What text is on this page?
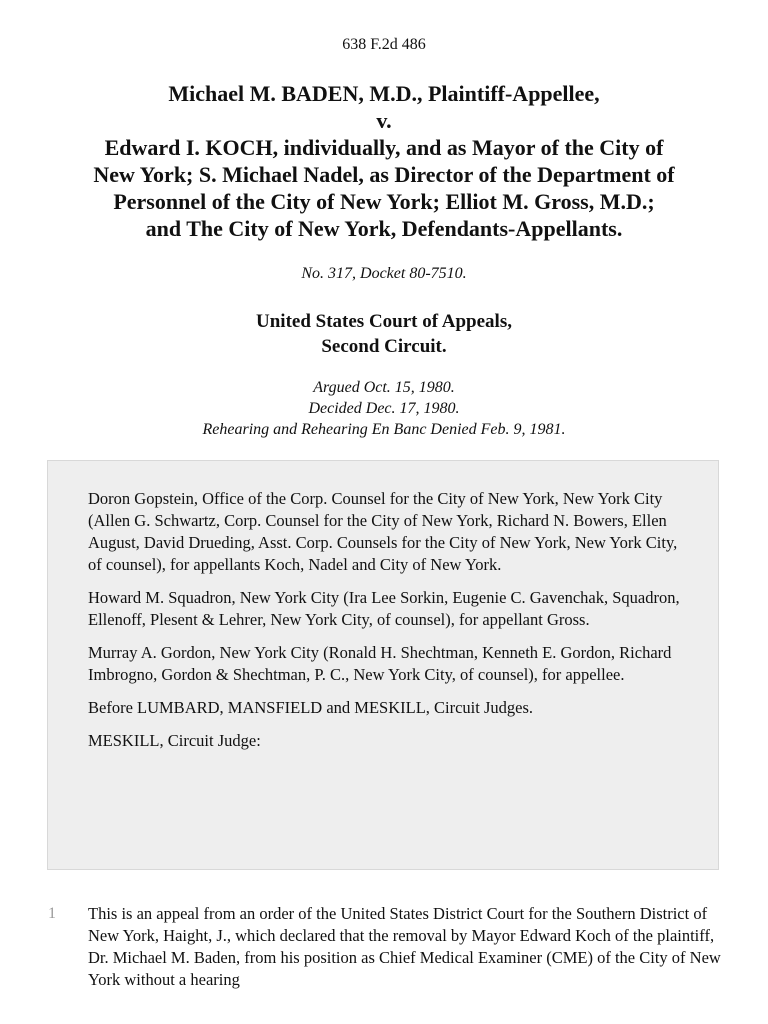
638 F.2d 486
Michael M. BADEN, M.D., Plaintiff-Appellee,
v.
Edward I. KOCH, individually, and as Mayor of the City of
New York; S. Michael Nadel, as Director of the Department of
Personnel of the City of New York; Elliot M. Gross, M.D.;
and The City of New York, Defendants-Appellants.
No. 317, Docket 80-7510.
United States Court of Appeals,
Second Circuit.
Argued Oct. 15, 1980.
Decided Dec. 17, 1980.
Rehearing and Rehearing En Banc Denied Feb. 9, 1981.

Doron Gopstein, Office of the Corp. Counsel for the City of New York, New York City (Allen G. Schwartz, Corp. Counsel for the City of New York, Richard N. Bowers, Ellen August, David Drueding, Asst. Corp. Counsels for the City of New York, New York City, of counsel), for appellants Koch, Nadel and City of New York.

Howard M. Squadron, New York City (Ira Lee Sorkin, Eugenie C. Gavenchak, Squadron, Ellenoff, Plesent & Lehrer, New York City, of counsel), for appellant Gross.

Murray A. Gordon, New York City (Ronald H. Shechtman, Kenneth E. Gordon, Richard Imbrogno, Gordon & Shechtman, P. C., New York City, of counsel), for appellee.

Before LUMBARD, MANSFIELD and MESKILL, Circuit Judges.

MESKILL, Circuit Judge:

1 This is an appeal from an order of the United States District Court for the Southern District of New York, Haight, J., which declared that the removal by Mayor Edward Koch of the plaintiff, Dr. Michael M. Baden, from his position as Chief Medical Examiner (CME) of the City of New York without a hearing
